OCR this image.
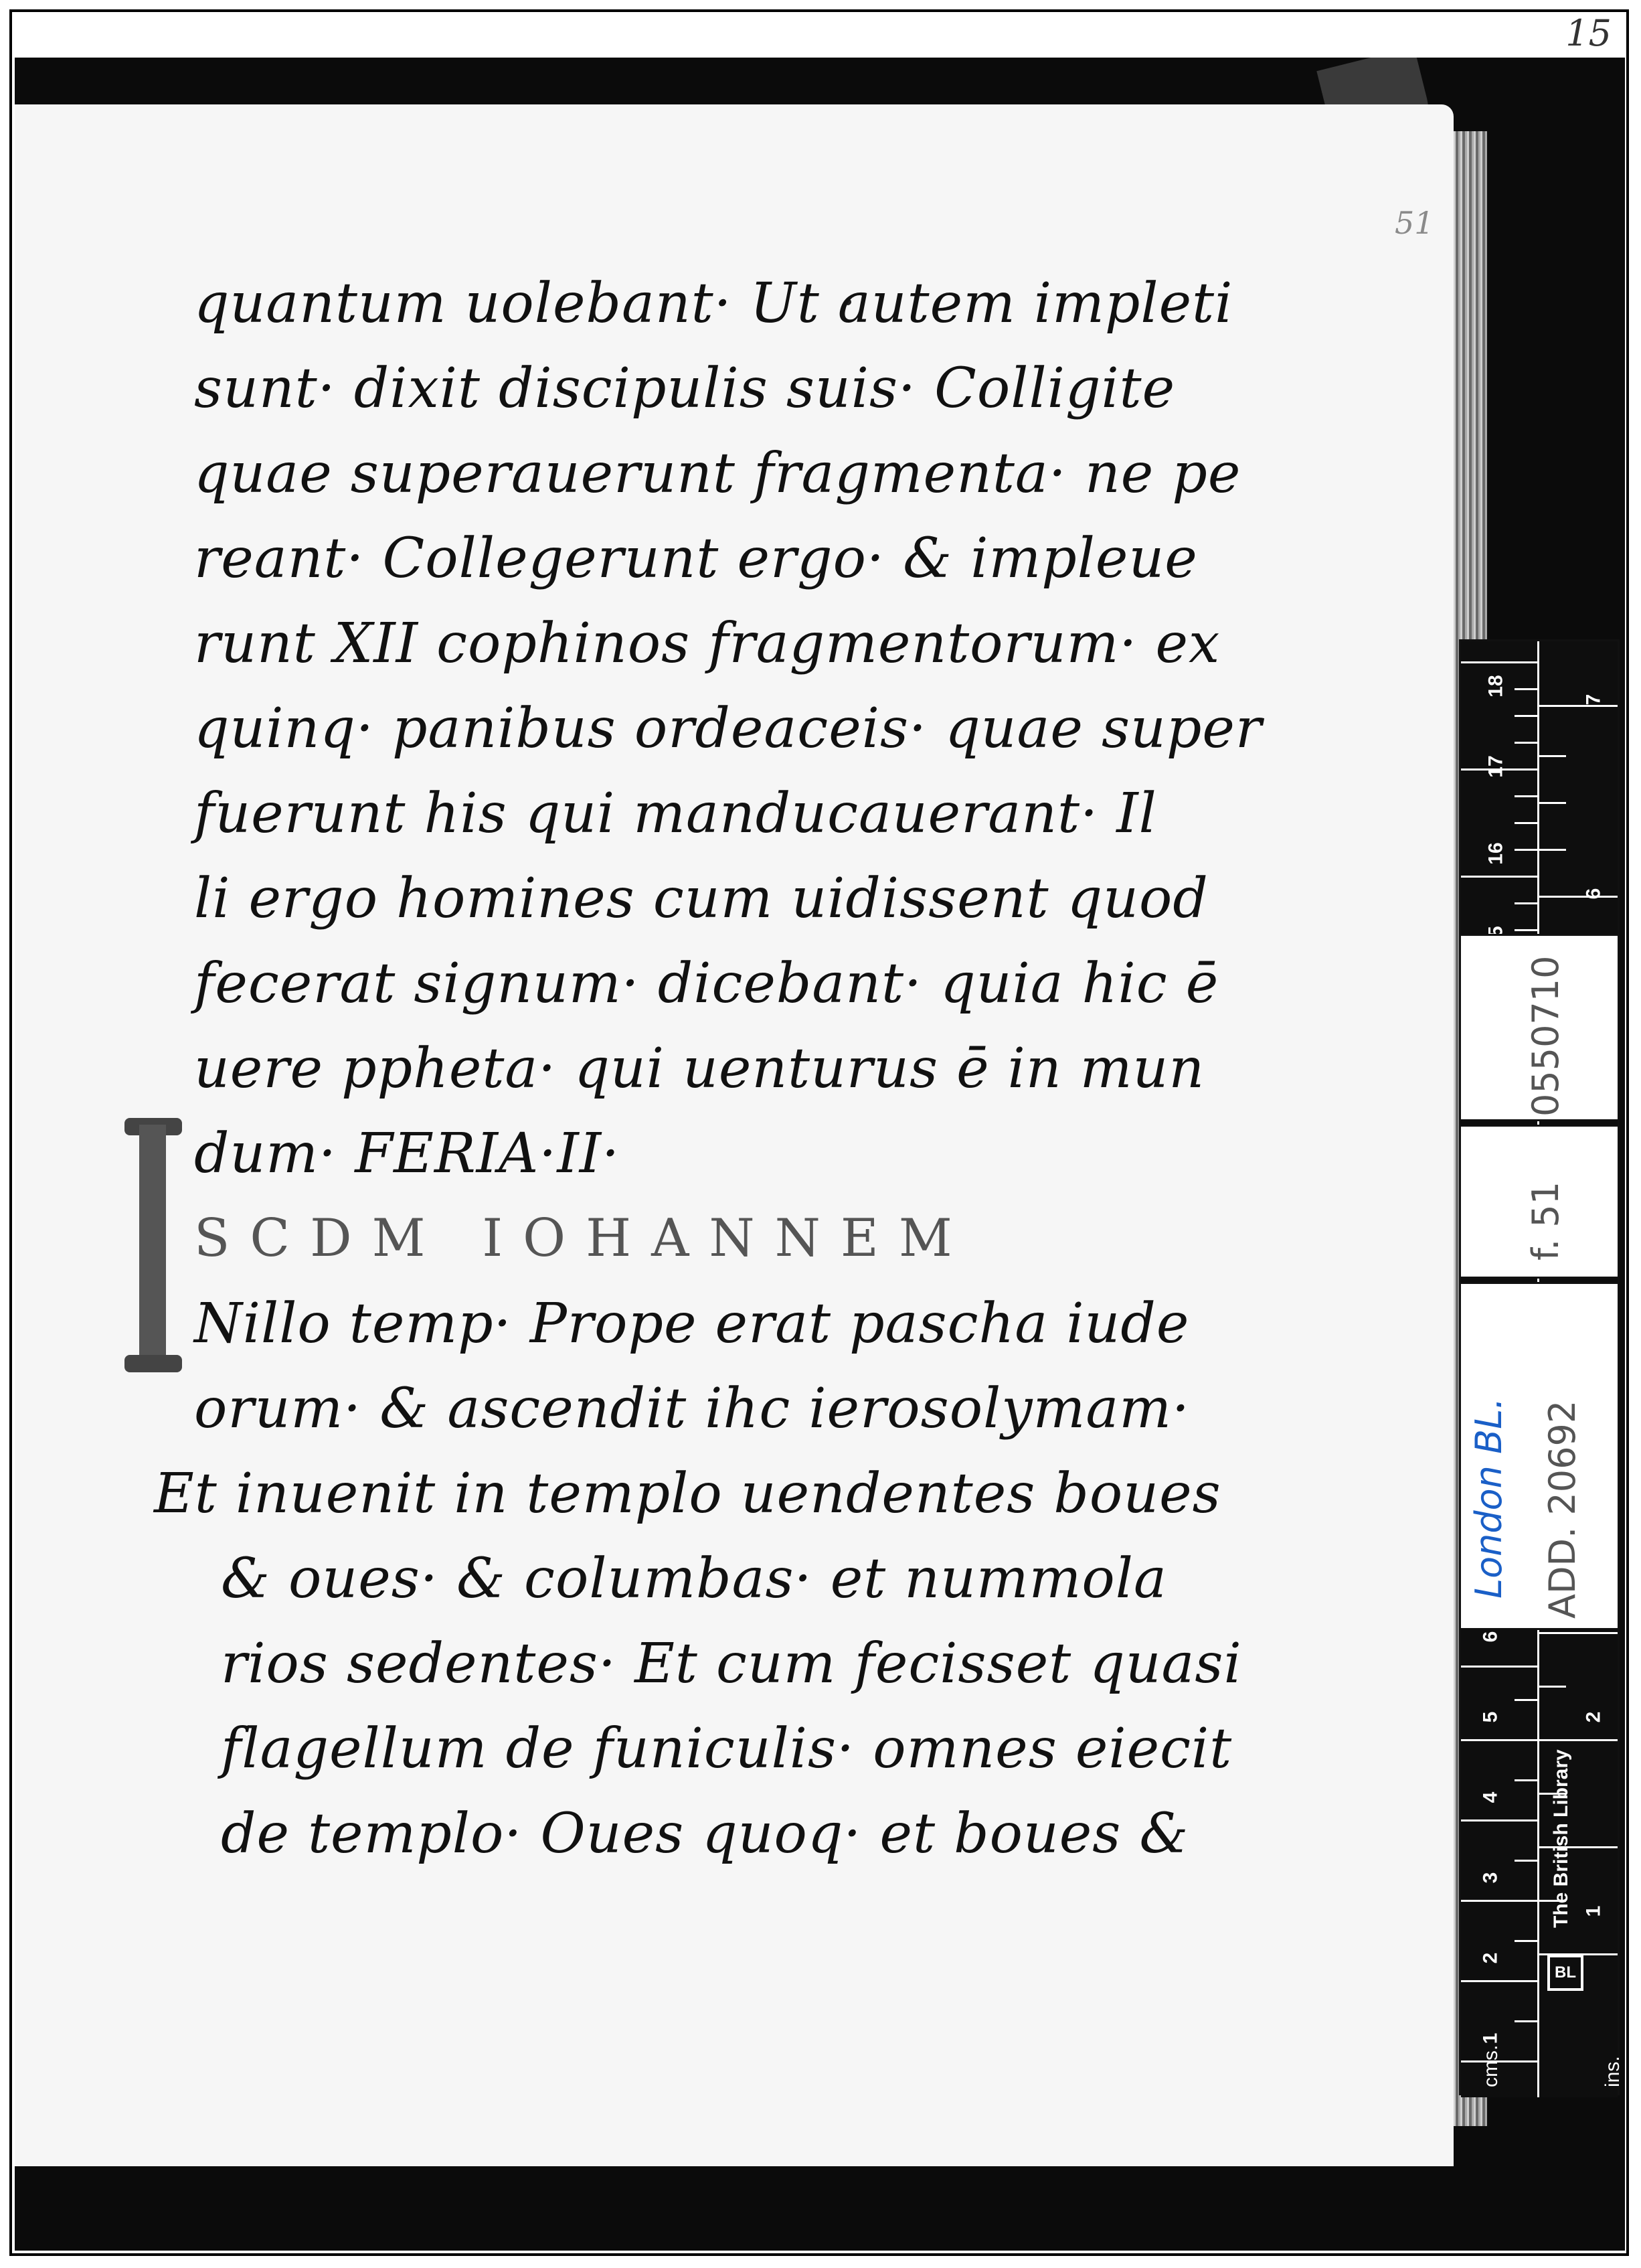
15
51
quantum uolebant· Ut autem impleti
sunt· dixit discipulis suis· Colligite
quae superauerunt fragmenta· ne pe
reant· Collegerunt ergo· & impleue
runt XII cophinos fragmentorum· ex
quinq· panibus ordeaceis· quae super
fuerunt his qui manducauerant· Il
li ergo homines cum uidissent quod
fecerat signum· dicebant· quia hic ē
uere ppheta· qui uenturus ē in mun
dum· FERIA·II·
SCDM IOHANNEM
Nillo temp· Prope erat pascha iude
orum· & ascendit ihc ierosolymam·
Et inuenit in templo uendentes boues
& oues· & columbas· et nummola
rios sedentes· Et cum fecisset quasi
flagellum de funiculis· omnes eiecit
de templo· Oues quoq· et boues &
18
17
16
6
5
4
3
2
1
7
6
2
1
cms.	ins.
0550710
f. 51
London BL. ADD. 20692
BL
The British Library
